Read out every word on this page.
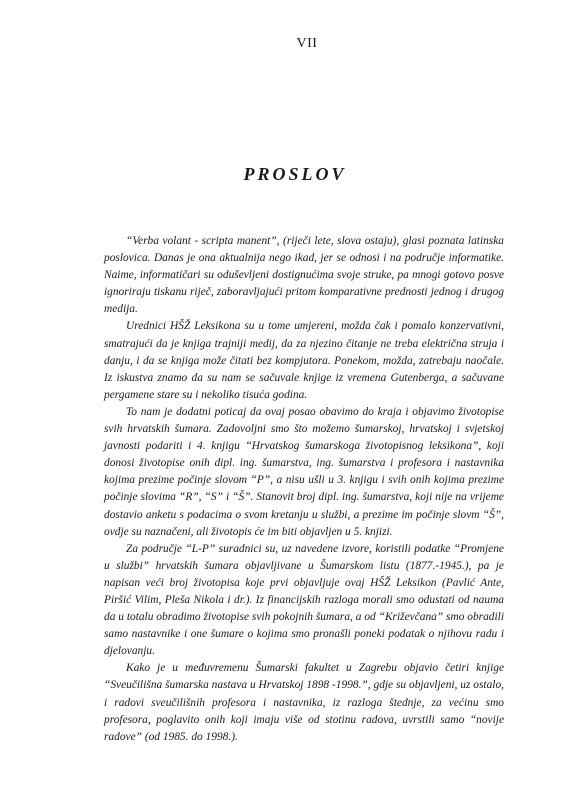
VII
PROSLOV

“Verba volant - scripta manent”, (riječi lete, slova ostaju), glasi poznata latinska poslovica. Danas je ona aktualnija nego ikad, jer se odnosi i na područje informatike. Naime, informatičari su oduševljeni dostignućima svoje struke, pa mnogi gotovo posve ignoriraju tiskanu riječ, zaboravljajući pritom komparativne prednosti jednog i drugog medija.

Urednici HŠŽ Leksikona su u tome umjereni, možda čak i pomalo konzervativni, smatrajući da je knjiga trajniji medij, da za njezino čitanje ne treba električna struja i danju, i da se knjiga može čitati bez kompjutora. Ponekom, možda, zatrebaju naočale. Iz iskustva znamo da su nam se sačuvale knjige iz vremena Gutenberga, a sačuvane pergamene stare su i nekoliko tisuća godina.

To nam je dodatni poticaj da ovaj posao obavimo do kraja i objavimo životopise svih hrvatskih šumara. Zadovoljni smo što možemo šumarskoj, hrvatskoj i svjetskoj javnosti podariti i 4. knjigu “Hrvatskog šumarskoga životopisnog leksikona”, koji donosi životopise onih dipl. ing. šumarstva, ing. šumarstva i profesora i nastavnika kojima prezime počinje slovom “P”, a nisu ušli u 3. knjigu i svih onih kojima prezime počinje slovima “R”, “S” i “Š”. Stanovit broj dipl. ing. šumarstva, koji nije na vrijeme dostavio anketu s podacima o svom kretanju u službi, a prezime im počinje slovm “Š”, ovdje su naznačeni, ali životopis će im biti objavljen u 5. knjizi.

Za područje “L-P” suradnici su, uz navedene izvore, koristili podatke “Promjene u službi” hrvatskih šumara objavljivane u Šumarskom listu (1877.-1945.), pa je napisan veći broj životopisa koje prvi objavljuje ovaj HŠŽ Leksikon (Pavlić Ante, Piršić Vilim, Pleša Nikola i dr.). Iz financijskih razloga morali smo odustati od nauma da u totalu obradimo životopise svih pokojnih šumara, a od “Križevčana” smo obradili samo nastavnike i one šumare o kojima smo pronašli poneki podatak o njihovu radu i djelovanju.

Kako je u međuvremenu Šumarski fakultet u Zagrebu objavio četiri knjige “Sveučilišna šumarska nastava u Hrvatskoj 1898 -1998.”, gdje su objavljeni, uz ostalo, i radovi sveučilišnih profesora i nastavnika, iz razloga štednje, za većinu smo profesora, poglavito onih koji imaju više od stotinu radova, uvrstili samo “novije radove” (od 1985. do 1998.).
